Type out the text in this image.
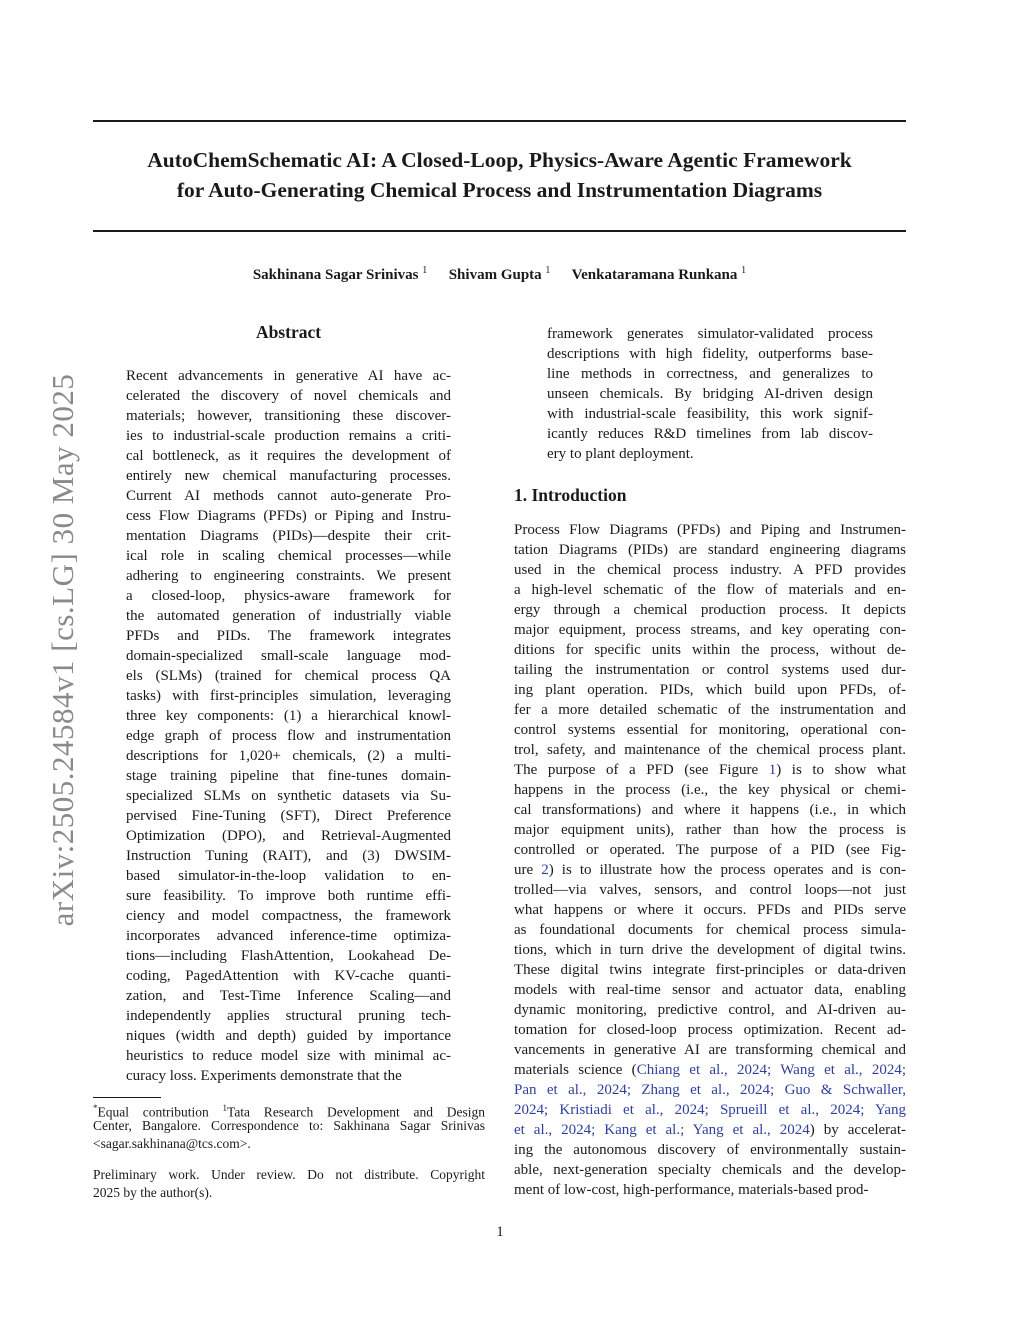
AutoChemSchematic AI: A Closed-Loop, Physics-Aware Agentic Framework
for Auto-Generating Chemical Process and Instrumentation Diagrams
Sakhinana Sagar Srinivas $^1$ Shivam Gupta $^1$ Venkataramana Runkana $^1$
arXiv:2505.24584v1 [cs.LG] 30 May 2025
Abstract
Recent advancements in generative AI have ac-
celerated the discovery of novel chemicals and
materials; however, transitioning these discover-
ies to industrial-scale production remains a criti-
cal bottleneck, as it requires the development of
entirely new chemical manufacturing processes.
Current AI methods cannot auto-generate Pro-
cess Flow Diagrams (PFDs) or Piping and Instru-
mentation Diagrams (PIDs)—despite their crit-
ical role in scaling chemical processes—while
adhering to engineering constraints. We present
a closed-loop, physics-aware framework for
the automated generation of industrially viable
PFDs and PIDs. The framework integrates
domain-specialized small-scale language mod-
els (SLMs) (trained for chemical process QA
tasks) with first-principles simulation, leveraging
three key components: (1) a hierarchical knowl-
edge graph of process flow and instrumentation
descriptions for 1,020+ chemicals, (2) a multi-
stage training pipeline that fine-tunes domain-
specialized SLMs on synthetic datasets via Su-
pervised Fine-Tuning (SFT), Direct Preference
Optimization (DPO), and Retrieval-Augmented
Instruction Tuning (RAIT), and (3) DWSIM-
based simulator-in-the-loop validation to en-
sure feasibility. To improve both runtime effi-
ciency and model compactness, the framework
incorporates advanced inference-time optimiza-
tions—including FlashAttention, Lookahead De-
coding, PagedAttention with KV-cache quanti-
zation, and Test-Time Inference Scaling—and
independently applies structural pruning tech-
niques (width and depth) guided by importance
heuristics to reduce model size with minimal ac-
curacy loss. Experiments demonstrate that the
framework generates simulator-validated process
descriptions with high fidelity, outperforms base-
line methods in correctness, and generalizes to
unseen chemicals. By bridging AI-driven design
with industrial-scale feasibility, this work signif-
icantly reduces R&D timelines from lab discov-
ery to plant deployment.
1. Introduction
Process Flow Diagrams (PFDs) and Piping and Instrumen-
tation Diagrams (PIDs) are standard engineering diagrams
used in the chemical process industry. A PFD provides
a high-level schematic of the flow of materials and en-
ergy through a chemical production process. It depicts
major equipment, process streams, and key operating con-
ditions for specific units within the process, without de-
tailing the instrumentation or control systems used dur-
ing plant operation. PIDs, which build upon PFDs, of-
fer a more detailed schematic of the instrumentation and
control systems essential for monitoring, operational con-
trol, safety, and maintenance of the chemical process plant.
The purpose of a PFD (see Figure 1) is to show what
happens in the process (i.e., the key physical or chemi-
cal transformations) and where it happens (i.e., in which
major equipment units), rather than how the process is
controlled or operated. The purpose of a PID (see Fig-
ure 2) is to illustrate how the process operates and is con-
trolled—via valves, sensors, and control loops—not just
what happens or where it occurs. PFDs and PIDs serve
as foundational documents for chemical process simula-
tions, which in turn drive the development of digital twins.
These digital twins integrate first-principles or data-driven
models with real-time sensor and actuator data, enabling
dynamic monitoring, predictive control, and AI-driven au-
tomation for closed-loop process optimization. Recent ad-
vancements in generative AI are transforming chemical and
materials science (Chiang et al., 2024; Wang et al., 2024;
Pan et al., 2024; Zhang et al., 2024; Guo & Schwaller,
2024; Kristiadi et al., 2024; Sprueill et al., 2024; Yang
et al., 2024; Kang et al.; Yang et al., 2024) by accelerat-
ing the autonomous discovery of environmentally sustain-
able, next-generation specialty chemicals and the develop-
ment of low-cost, high-performance, materials-based prod-
*Equal contribution $^1$Tata Research Development and Design
Center, Bangalore. Correspondence to: Sakhinana Sagar Srinivas
<sagar.sakhinana@tcs.com>.
Preliminary work. Under review. Do not distribute. Copyright
2025 by the author(s).
1
